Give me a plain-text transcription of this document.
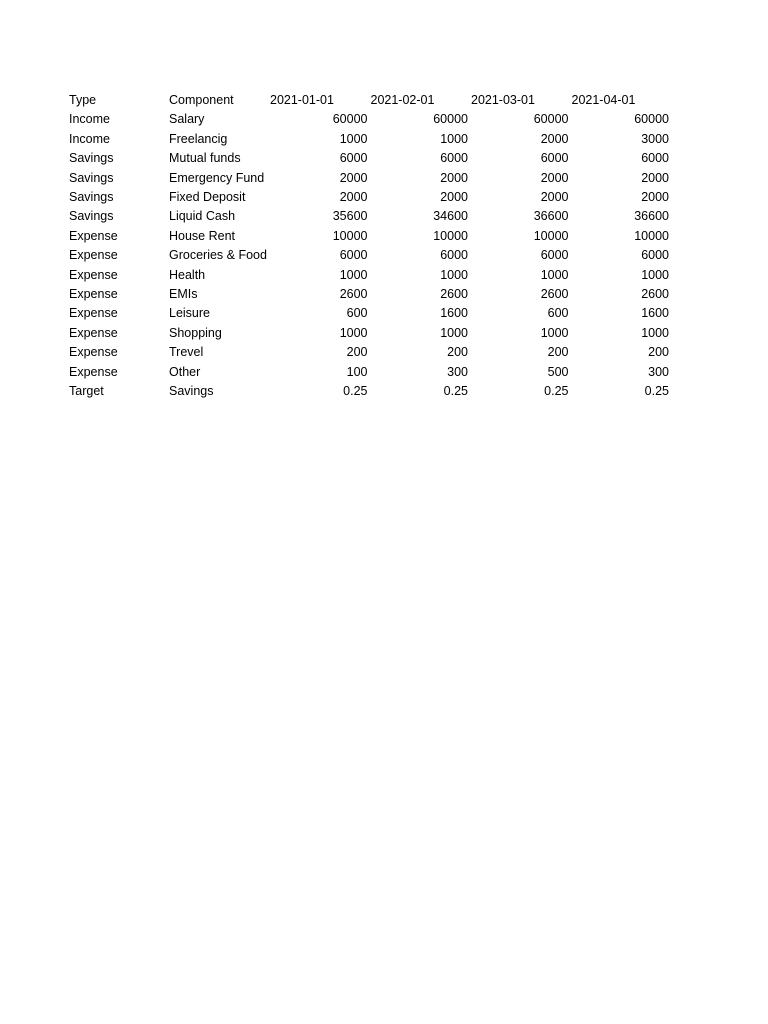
Type	Component	2021-01-01	2021-02-01	2021-03-01	2021-04-01
Income	Salary	60000	60000	60000	60000
Income	Freelancig	1000	1000	2000	3000
Savings	Mutual funds	6000	6000	6000	6000
Savings	Emergency Fund	2000	2000	2000	2000
Savings	Fixed Deposit	2000	2000	2000	2000
Savings	Liquid Cash	35600	34600	36600	36600
Expense	House Rent	10000	10000	10000	10000
Expense	Groceries & Food	6000	6000	6000	6000
Expense	Health	1000	1000	1000	1000
Expense	EMIs	2600	2600	2600	2600
Expense	Leisure	600	1600	600	1600
Expense	Shopping	1000	1000	1000	1000
Expense	Trevel	200	200	200	200
Expense	Other	100	300	500	300
Target	Savings	0.25	0.25	0.25	0.25
